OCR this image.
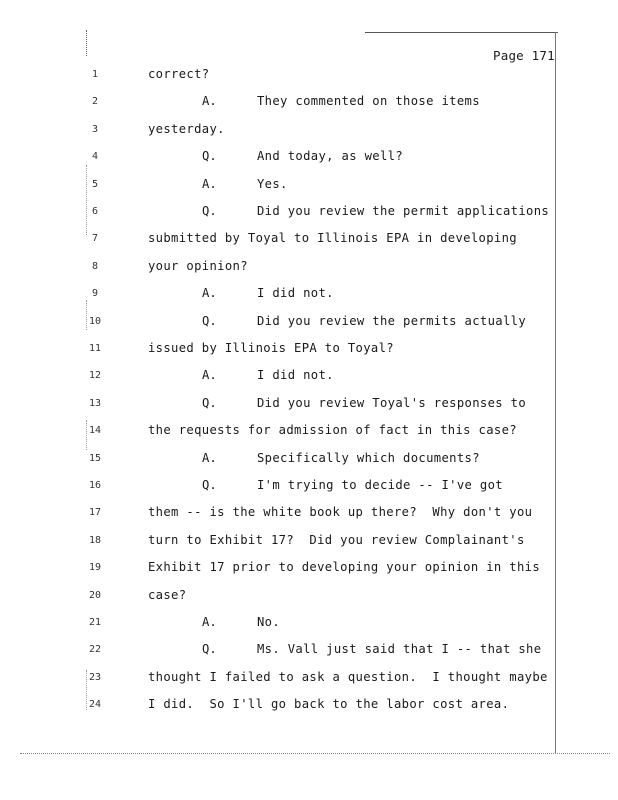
Page 171
1	correct?
2	A.	They commented on those items
3	yesterday.
4	Q.	And today, as well?
5	A.	Yes.
6	Q.	Did you review the permit applications
7	submitted by Toyal to Illinois EPA in developing
8	your opinion?
9	A.	I did not.
10	Q.	Did you review the permits actually
11	issued by Illinois EPA to Toyal?
12	A.	I did not.
13	Q.	Did you review Toyal's responses to
14	the requests for admission of fact in this case?
15	A.	Specifically which documents?
16	Q.	I'm trying to decide -- I've got
17	them -- is the white book up there?  Why don't you
18	turn to Exhibit 17?  Did you review Complainant's
19	Exhibit 17 prior to developing your opinion in this
20	case?
21	A.	No.
22	Q.	Ms. Vall just said that I -- that she
23	thought I failed to ask a question.  I thought maybe
24	I did.  So I'll go back to the labor cost area.
